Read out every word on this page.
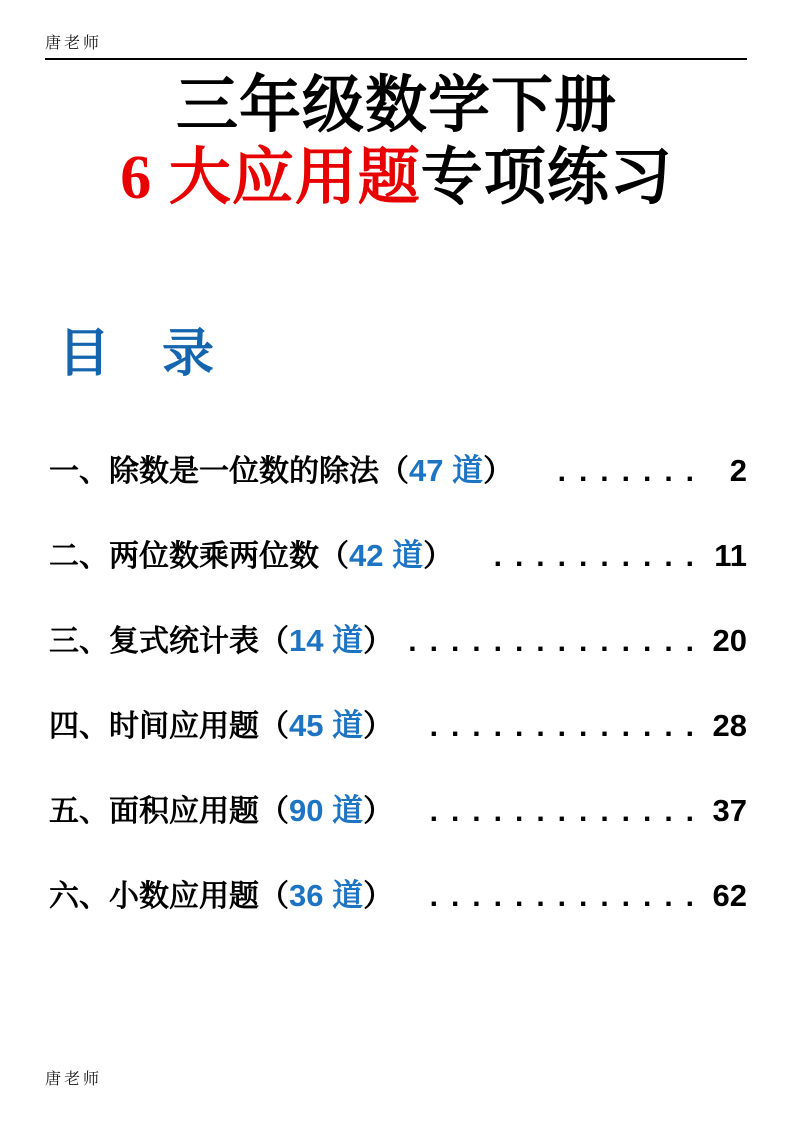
唐老师
三年级数学下册
6 大应用题专项练习
目　录
一、除数是一位数的除法（47 道）	....... 2
二、两位数乘两位数（42 道）	.......... 11
三、复式统计表（14 道） .............. 20
四、时间应用题（45 道）	............. 28
五、面积应用题（90 道）	............. 37
六、小数应用题（36 道）	............. 62
唐老师
